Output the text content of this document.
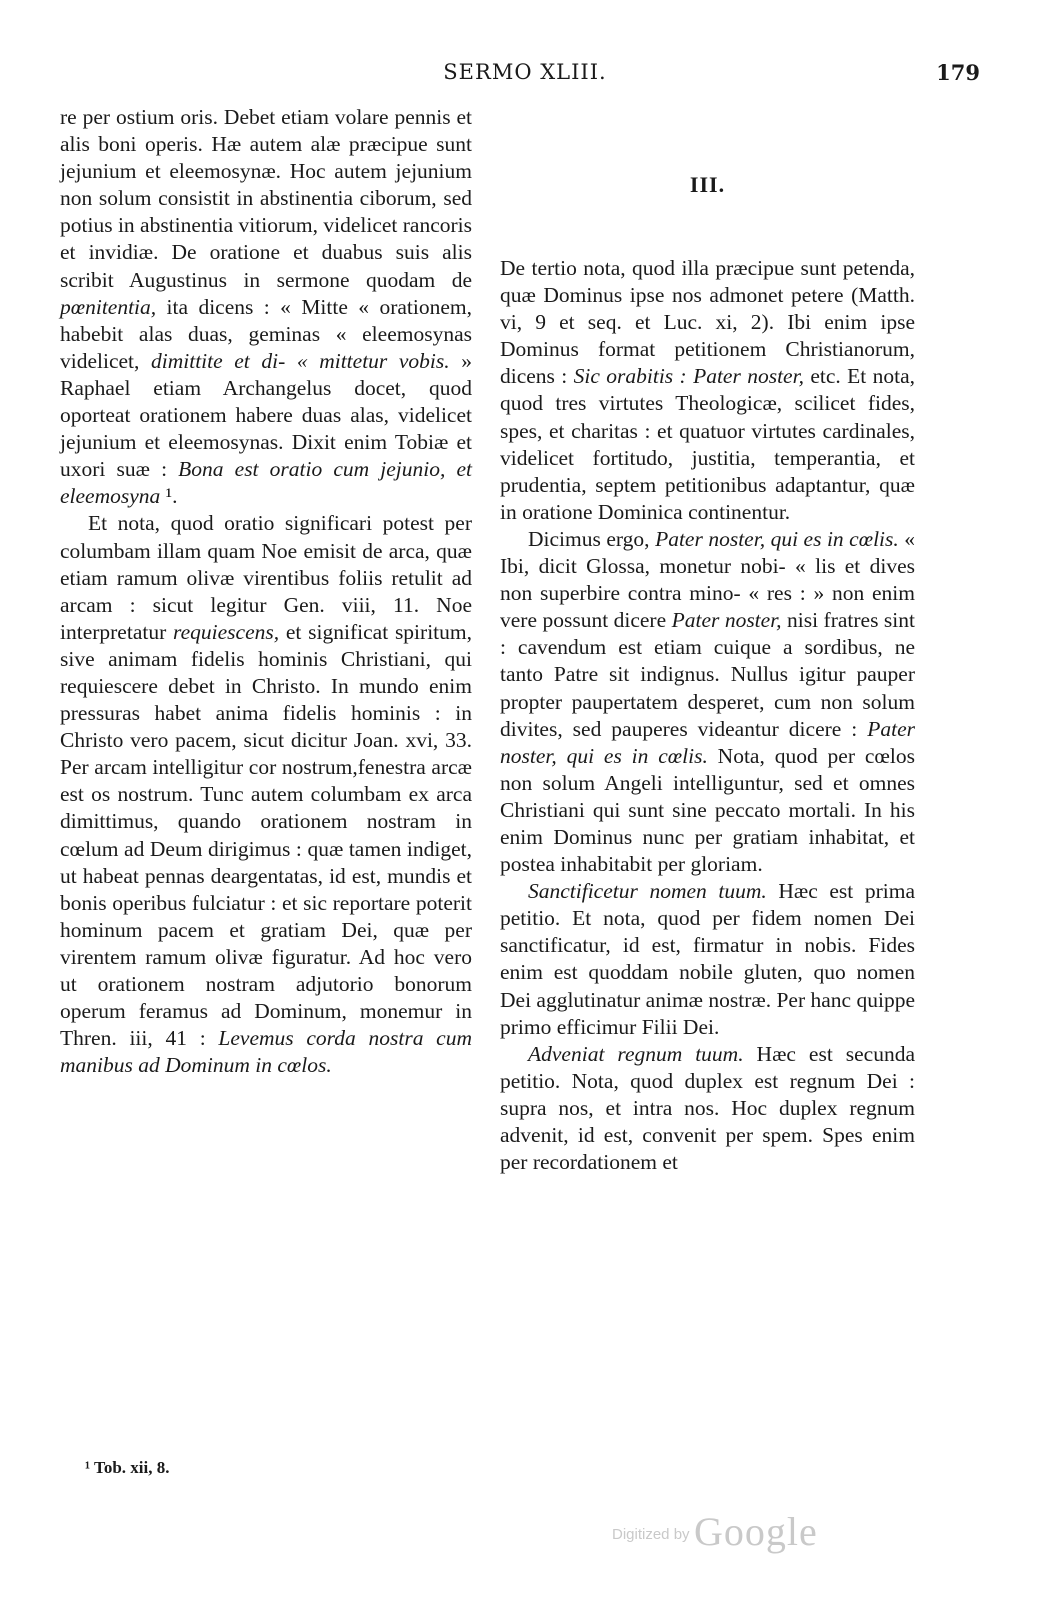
SERMO XLIII.	179

re per ostium oris. Debet etiam volare pennis et alis boni operis. Hæ autem alæ præcipue sunt jejunium et eleemosynæ. Hoc autem jejunium non solum consistit in abstinentia ciborum, sed potius in abstinentia vitiorum, videlicet rancoris et invidiæ. De oratione et duabus suis alis scribit Augustinus in sermone quodam de pœnitentia, ita dicens : « Mitte « orationem, habebit alas duas, geminas « eleemosynas videlicet, dimittite et di- « mittetur vobis. » Raphael etiam Archangelus docet, quod oporteat orationem habere duas alas, videlicet jejunium et eleemosynas. Dixit enim Tobiæ et uxori suæ : Bona est oratio cum jejunio, et eleemosyna ¹.

Et nota, quod oratio significari potest per columbam illam quam Noe emisit de arca, quæ etiam ramum olivæ virentibus foliis retulit ad arcam : sicut legitur Gen. viii, 11. Noe interpretatur requiescens, et significat spiritum, sive animam fidelis hominis Christiani, qui requiescere debet in Christo. In mundo enim pressuras habet anima fidelis hominis : in Christo vero pacem, sicut dicitur Joan. xvi, 33. Per arcam intelligitur cor nostrum,fenestra arcæ est os nostrum. Tunc autem columbam ex arca dimittimus, quando orationem nostram in cœlum ad Deum dirigimus : quæ tamen indiget, ut habeat pennas deargentatas, id est, mundis et bonis operibus fulciatur : et sic reportare poterit hominum pacem et gratiam Dei, quæ per virentem ramum olivæ figuratur. Ad hoc vero ut orationem nostram adjutorio bonorum operum feramus ad Dominum, monemur in Thren. iii, 41 : Levemus corda nostra cum manibus ad Dominum in cœlos.

III.

De tertio nota, quod illa præcipue sunt petenda, quæ Dominus ipse nos admonet petere (Matth. vi, 9 et seq. et Luc. xi, 2). Ibi enim ipse Dominus format petitionem Christianorum, dicens : Sic orabitis : Pater noster, etc. Et nota, quod tres virtutes Theologicæ, scilicet fides, spes, et charitas : et quatuor virtutes cardinales, videlicet fortitudo, justitia, temperantia, et prudentia, septem petitionibus adaptantur, quæ in oratione Dominica continentur.

Dicimus ergo, Pater noster, qui es in cœlis. « Ibi, dicit Glossa, monetur nobi- « lis et dives non superbire contra mino- « res : » non enim vere possunt dicere Pater noster, nisi fratres sint : cavendum est etiam cuique a sordibus, ne tanto Patre sit indignus. Nullus igitur pauper propter paupertatem desperet, cum non solum divites, sed pauperes videantur dicere : Pater noster, qui es in cœlis. Nota, quod per cœlos non solum Angeli intelliguntur, sed et omnes Christiani qui sunt sine peccato mortali. In his enim Dominus nunc per gratiam inhabitat, et postea inhabitabit per gloriam.

Sanctificetur nomen tuum. Hæc est prima petitio. Et nota, quod per fidem nomen Dei sanctificatur, id est, firmatur in nobis. Fides enim est quoddam nobile gluten, quo nomen Dei agglutinatur animæ nostræ. Per hanc quippe primo efficimur Filii Dei.

Adveniat regnum tuum. Hæc est secunda petitio. Nota, quod duplex est regnum Dei : supra nos, et intra nos. Hoc duplex regnum advenit, id est, convenit per spem. Spes enim per recordationem et

¹ Tob. xii, 8.
Digitized by Google
